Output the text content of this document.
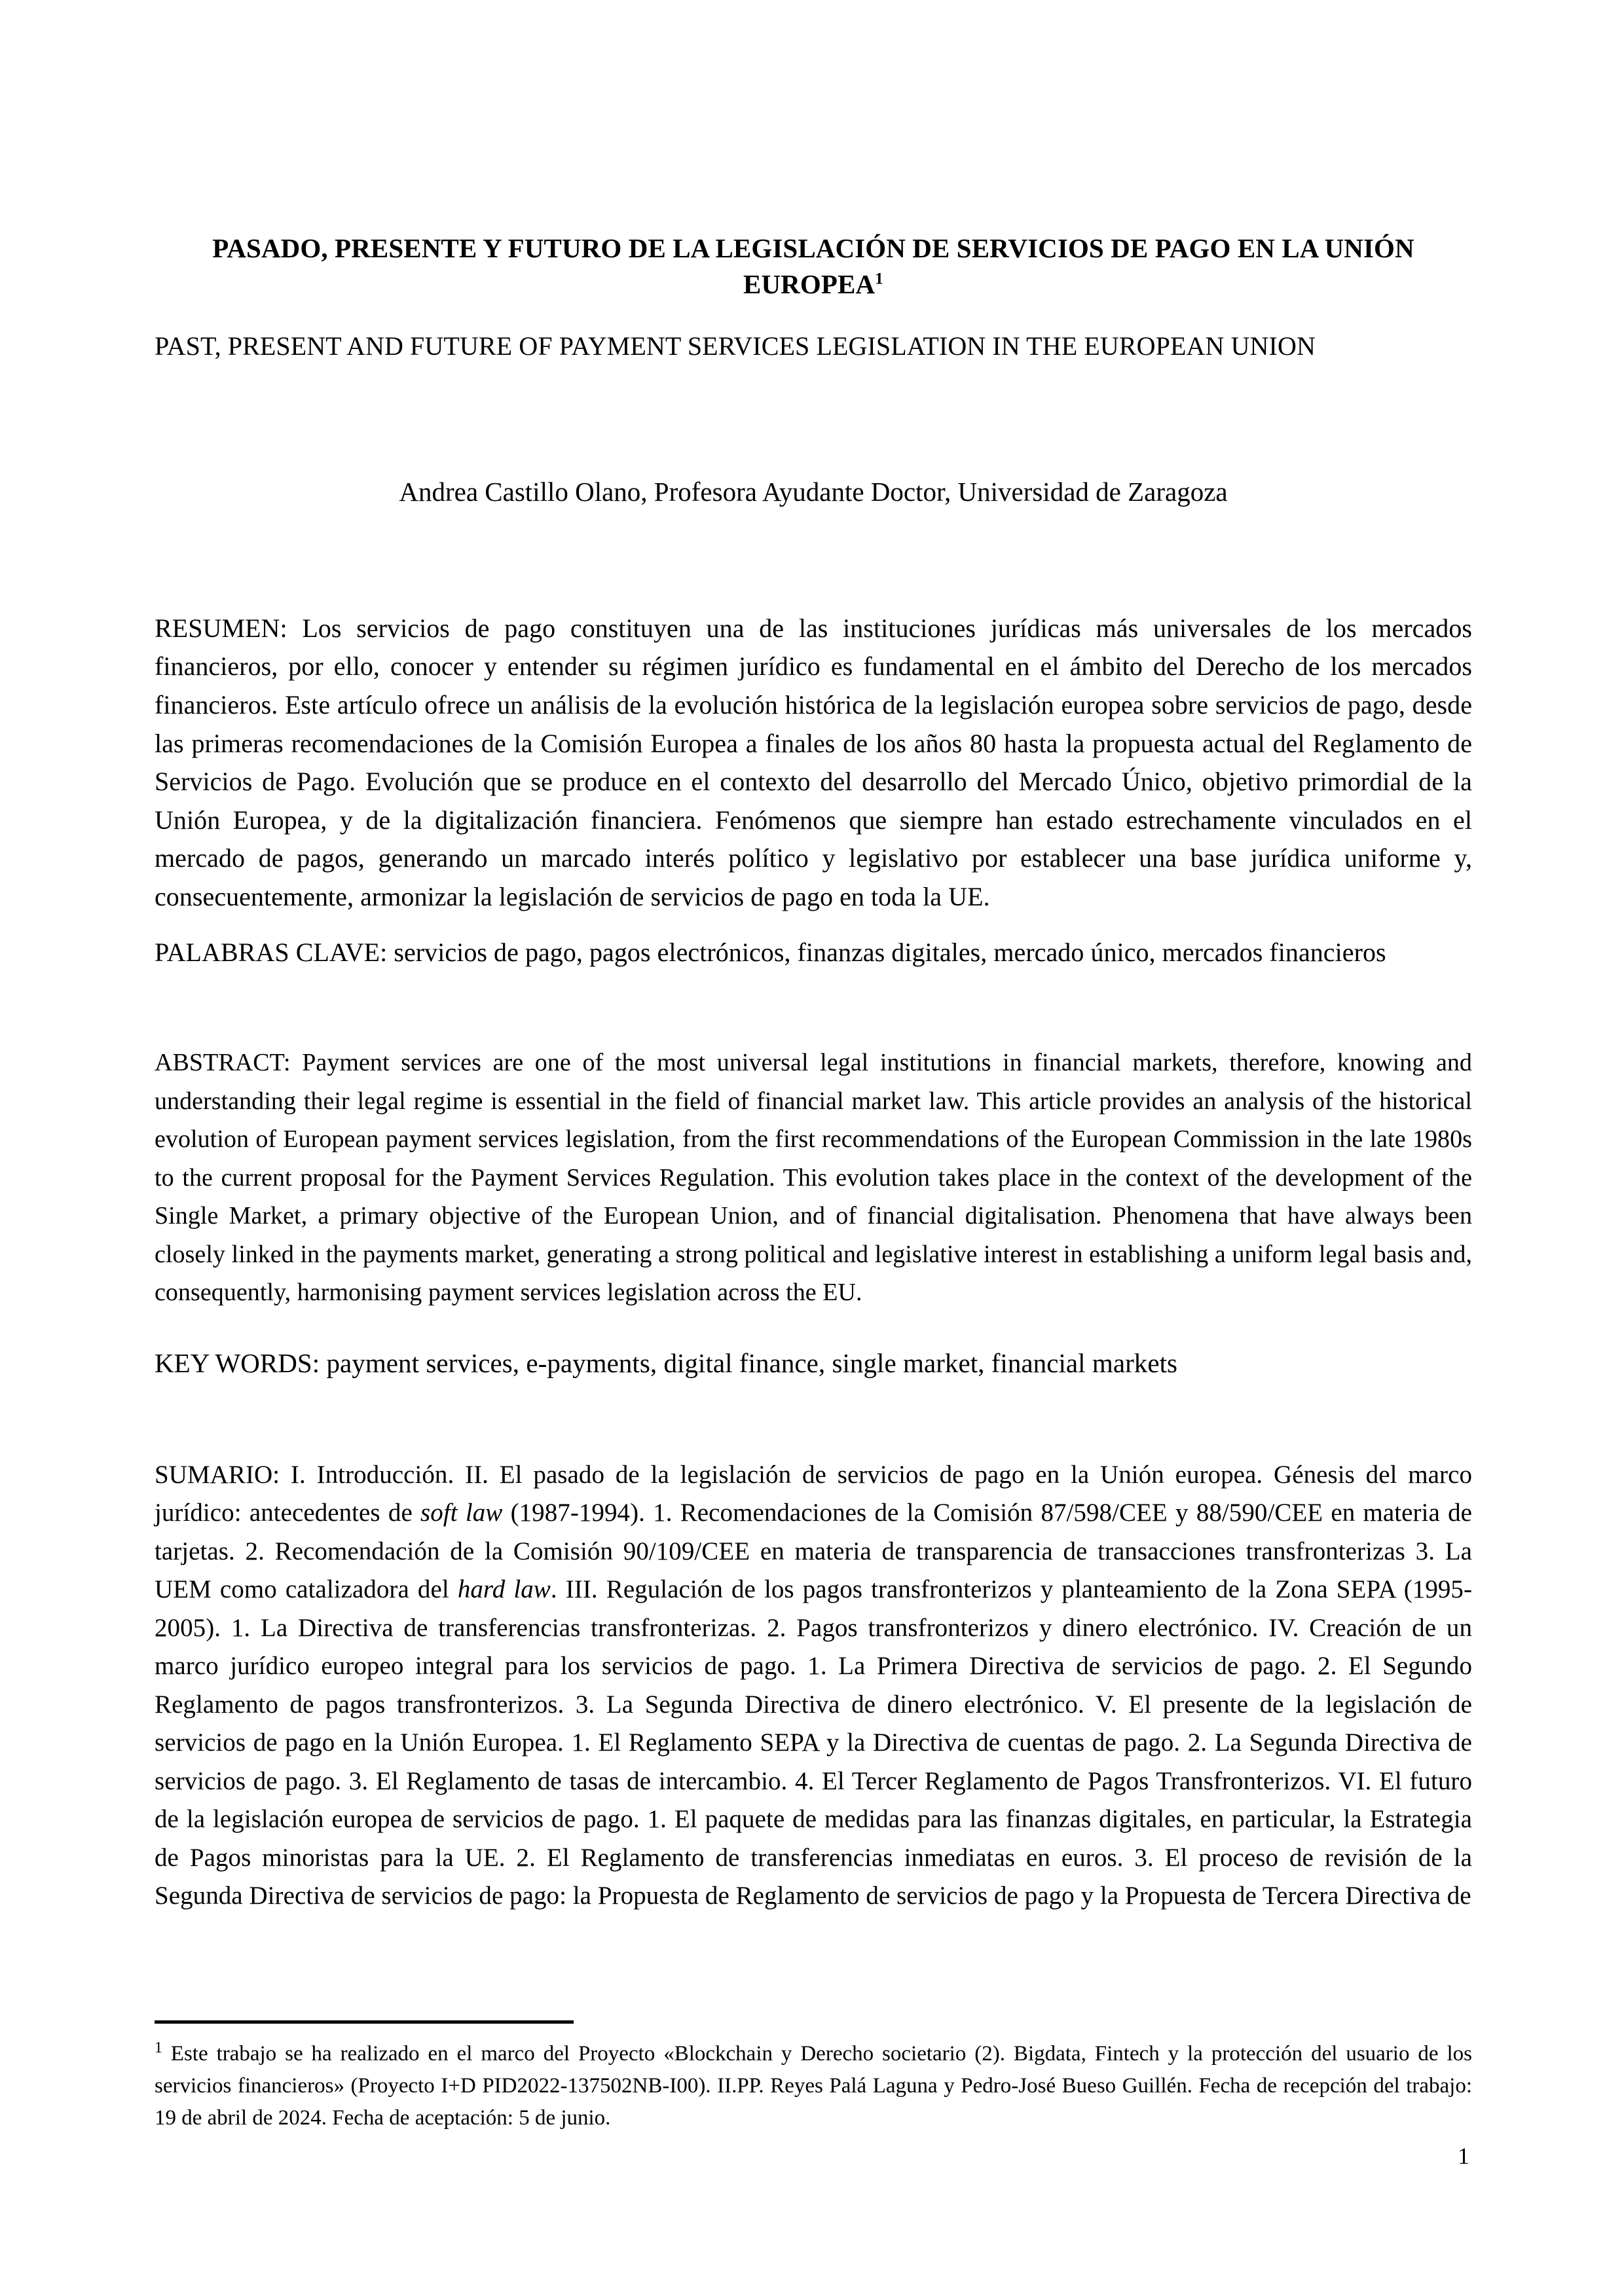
PASADO, PRESENTE Y FUTURO DE LA LEGISLACIÓN DE SERVICIOS DE PAGO EN LA UNIÓN EUROPEA$^1$

PAST, PRESENT AND FUTURE OF PAYMENT SERVICES LEGISLATION IN THE EUROPEAN UNION

Andrea Castillo Olano, Profesora Ayudante Doctor, Universidad de Zaragoza

RESUMEN: Los servicios de pago constituyen una de las instituciones jurídicas más universales de los mercados financieros, por ello, conocer y entender su régimen jurídico es fundamental en el ámbito del Derecho de los mercados financieros. Este artículo ofrece un análisis de la evolución histórica de la legislación europea sobre servicios de pago, desde las primeras recomendaciones de la Comisión Europea a finales de los años 80 hasta la propuesta actual del Reglamento de Servicios de Pago. Evolución que se produce en el contexto del desarrollo del Mercado Único, objetivo primordial de la Unión Europea, y de la digitalización financiera. Fenómenos que siempre han estado estrechamente vinculados en el mercado de pagos, generando un marcado interés político y legislativo por establecer una base jurídica uniforme y, consecuentemente, armonizar la legislación de servicios de pago en toda la UE.

PALABRAS CLAVE: servicios de pago, pagos electrónicos, finanzas digitales, mercado único, mercados financieros

ABSTRACT: Payment services are one of the most universal legal institutions in financial markets, therefore, knowing and understanding their legal regime is essential in the field of financial market law. This article provides an analysis of the historical evolution of European payment services legislation, from the first recommendations of the European Commission in the late 1980s to the current proposal for the Payment Services Regulation. This evolution takes place in the context of the development of the Single Market, a primary objective of the European Union, and of financial digitalisation. Phenomena that have always been closely linked in the payments market, generating a strong political and legislative interest in establishing a uniform legal basis and, consequently, harmonising payment services legislation across the EU.

KEY WORDS: payment services, e-payments, digital finance, single market, financial markets

SUMARIO: I. Introducción. II. El pasado de la legislación de servicios de pago en la Unión europea. Génesis del marco jurídico: antecedentes de soft law (1987-1994). 1. Recomendaciones de la Comisión 87/598/CEE y 88/590/CEE en materia de tarjetas. 2. Recomendación de la Comisión 90/109/CEE en materia de transparencia de transacciones transfronterizas 3. La UEM como catalizadora del hard law. III. Regulación de los pagos transfronterizos y planteamiento de la Zona SEPA (1995-2005). 1. La Directiva de transferencias transfronterizas. 2. Pagos transfronterizos y dinero electrónico. IV. Creación de un marco jurídico europeo integral para los servicios de pago. 1. La Primera Directiva de servicios de pago. 2. El Segundo Reglamento de pagos transfronterizos. 3. La Segunda Directiva de dinero electrónico. V. El presente de la legislación de servicios de pago en la Unión Europea. 1. El Reglamento SEPA y la Directiva de cuentas de pago. 2. La Segunda Directiva de servicios de pago. 3. El Reglamento de tasas de intercambio. 4. El Tercer Reglamento de Pagos Transfronterizos. VI. El futuro de la legislación europea de servicios de pago. 1. El paquete de medidas para las finanzas digitales, en particular, la Estrategia de Pagos minoristas para la UE. 2. El Reglamento de transferencias inmediatas en euros. 3. El proceso de revisión de la Segunda Directiva de servicios de pago: la Propuesta de Reglamento de servicios de pago y la Propuesta de Tercera Directiva de

$^1$ Este trabajo se ha realizado en el marco del Proyecto «Blockchain y Derecho societario (2). Bigdata, Fintech y la protección del usuario de los servicios financieros» (Proyecto I+D PID2022-137502NB-I00). II.PP. Reyes Palá Laguna y Pedro-José Bueso Guillén. Fecha de recepción del trabajo: 19 de abril de 2024. Fecha de aceptación: 5 de junio.

1
